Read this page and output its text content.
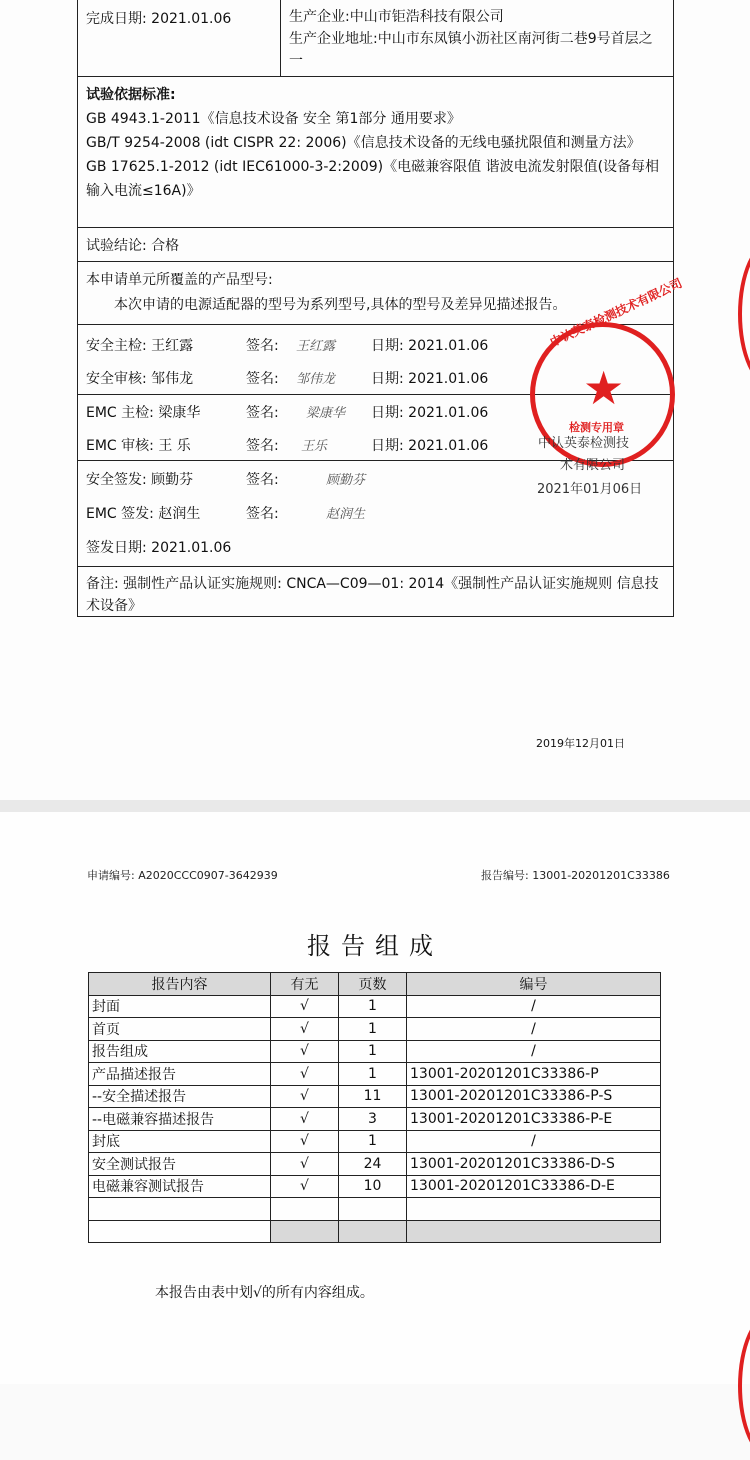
完成日期: 2021.01.06	生产企业:中山市钜浩科技有限公司
生产企业地址:中山市东凤镇小沥社区南河街二巷9号首层之一
试验依据标准:
GB 4943.1-2011《信息技术设备 安全 第1部分 通用要求》
GB/T 9254-2008 (idt CISPR 22: 2006)《信息技术设备的无线电骚扰限值和测量方法》
GB 17625.1-2012 (idt IEC61000-3-2:2009)《电磁兼容限值 谐波电流发射限值(设备每相输入电流≤16A)》
试验结论: 合格
本申请单元所覆盖的产品型号:
本次申请的电源适配器的型号为系列型号,具体的型号及差异见描述报告。
安全主检: 王红露	签名: 王红露	日期: 2021.01.06
安全审核: 邹伟龙	签名: 邹伟龙	日期: 2021.01.06
EMC 主检: 梁康华	签名: 梁康华 日期: 2021.01.06
EMC 审核: 王 乐	签名: 王乐	日期: 2021.01.06
安全签发: 顾勤芬	签名:	顾勤芬
EMC 签发: 赵润生	签名:	赵润生
签发日期: 2021.01.06
备注: 强制性产品认证实施规则: CNCA—C09—01: 2014《强制性产品认证实施规则 信息技术设备》
中认英泰检测技术有限公司
★
检测专用章
中认英泰检测技
术有限公司
2021年01月06日
2019年12月01日
申请编号: A2020CCC0907-3642939	报告编号: 13001-20201201C33386
报告组成
报告内容	有无	页数	编号
封面	√	1	/
首页	√	1	/
报告组成	√	1	/
产品描述报告	√	1	13001-20201201C33386-P
--安全描述报告	√	11	13001-20201201C33386-P-S
--电磁兼容描述报告	√	3	13001-20201201C33386-P-E
封底	√	1	/
安全测试报告	√	24	13001-20201201C33386-D-S
电磁兼容测试报告	√	10	13001-20201201C33386-D-E

本报告由表中划√的所有内容组成。
